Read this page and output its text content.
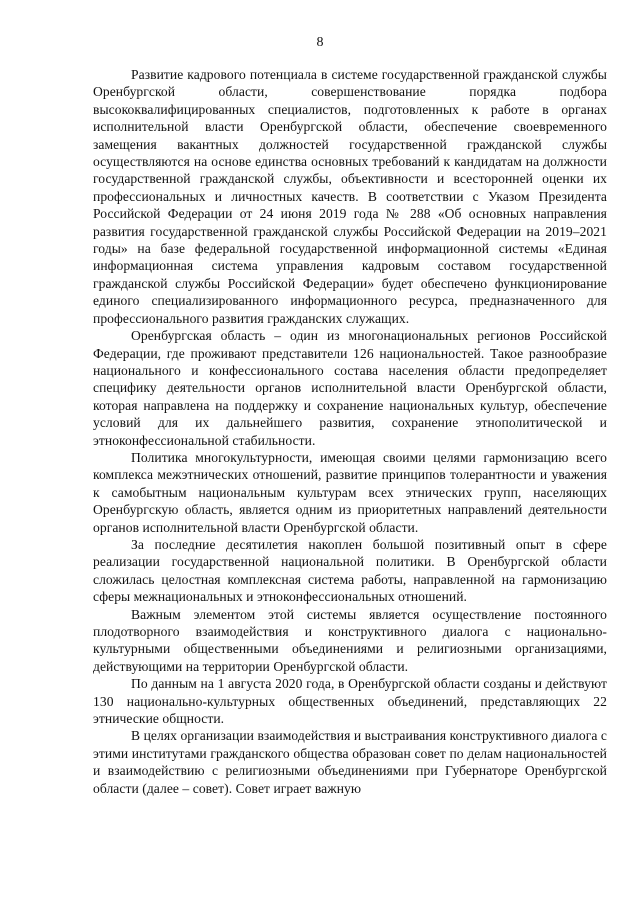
8

Развитие кадрового потенциала в системе государственной гражданской службы Оренбургской области, совершенствование порядка подбора высококвалифицированных специалистов, подготовленных к работе в органах исполнительной власти Оренбургской области, обеспечение своевременного замещения вакантных должностей государственной гражданской службы осуществляются на основе единства основных требований к кандидатам на должности государственной гражданской службы, объективности и всесторонней оценки их профессиональных и личностных качеств. В соответствии с Указом Президента Российской Федерации от 24 июня 2019 года № 288 «Об основных направления развития государственной гражданской службы Российской Федерации на 2019–2021 годы» на базе федеральной государственной информационной системы «Единая информационная система управления кадровым составом государственной гражданской службы Российской Федерации» будет обеспечено функционирование единого специализированного информационного ресурса, предназначенного для профессионального развития гражданских служащих.

Оренбургская область – один из многонациональных регионов Российской Федерации, где проживают представители 126 национальностей. Такое разнообразие национального и конфессионального состава населения области предопределяет специфику деятельности органов исполнительной власти Оренбургской области, которая направлена на поддержку и сохранение национальных культур, обеспечение условий для их дальнейшего развития, сохранение этнополитической и этноконфессиональной стабильности.

Политика многокультурности, имеющая своими целями гармонизацию всего комплекса межэтнических отношений, развитие принципов толерантности и уважения к самобытным национальным культурам всех этнических групп, населяющих Оренбургскую область, является одним из приоритетных направлений деятельности органов исполнительной власти Оренбургской области.

За последние десятилетия накоплен большой позитивный опыт в сфере реализации государственной национальной политики. В Оренбургской области сложилась целостная комплексная система работы, направленной на гармонизацию сферы межнациональных и этноконфессиональных отношений.

Важным элементом этой системы является осуществление постоянного плодотворного взаимодействия и конструктивного диалога с национально-культурными общественными объединениями и религиозными организациями, действующими на территории Оренбургской области.

По данным на 1 августа 2020 года, в Оренбургской области созданы и действуют 130 национально-культурных общественных объединений, представляющих 22 этнические общности.

В целях организации взаимодействия и выстраивания конструктивного диалога с этими институтами гражданского общества образован совет по делам национальностей и взаимодействию с религиозными объединениями при Губернаторе Оренбургской области (далее – совет). Совет играет важную
